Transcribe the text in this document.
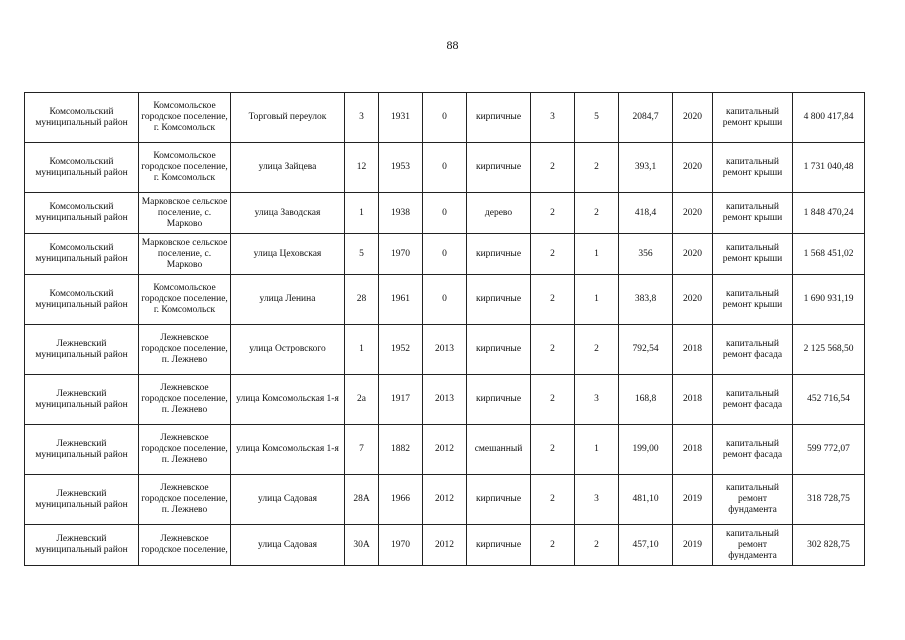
88
Комсомольский муниципальный район	Комсомольское городское поселение, г. Комсомольск	Торговый переулок	3	1931	0	кирпичные	3	5	2084,7	2020	капитальный ремонт крыши	4 800 417,84
Комсомольский муниципальный район	Комсомольское городское поселение, г. Комсомольск	улица Зайцева	12	1953	0	кирпичные	2	2	393,1	2020	капитальный ремонт крыши	1 731 040,48
Комсомольский муниципальный район	Марковское сельское поселение, с. Марково	улица Заводская	1	1938	0	дерево	2	2	418,4	2020	капитальный ремонт крыши	1 848 470,24
Комсомольский муниципальный район	Марковское сельское поселение, с. Марково	улица Цеховская	5	1970	0	кирпичные	2	1	356	2020	капитальный ремонт крыши	1 568 451,02
Комсомольский муниципальный район	Комсомольское городское поселение, г. Комсомольск	улица Ленина	28	1961	0	кирпичные	2	1	383,8	2020	капитальный ремонт крыши	1 690 931,19
Лежневский муниципальный район	Лежневское городское поселение, п. Лежнево	улица Островского	1	1952	2013	кирпичные	2	2	792,54	2018	капитальный ремонт фасада	2 125 568,50
Лежневский муниципальный район	Лежневское городское поселение, п. Лежнево	улица Комсомольская 1-я	2а	1917	2013	кирпичные	2	3	168,8	2018	капитальный ремонт фасада	452 716,54
Лежневский муниципальный район	Лежневское городское поселение, п. Лежнево	улица Комсомольская 1-я	7	1882	2012	смешанный	2	1	199,00	2018	капитальный ремонт фасада	599 772,07
Лежневский муниципальный район	Лежневское городское поселение, п. Лежнево	улица Садовая	28А	1966	2012	кирпичные	2	3	481,10	2019	капитальный ремонт фундамента	318 728,75
Лежневский муниципальный район	Лежневское городское поселение,	улица Садовая	30А	1970	2012	кирпичные	2	2	457,10	2019	капитальный ремонт фундамента	302 828,75
